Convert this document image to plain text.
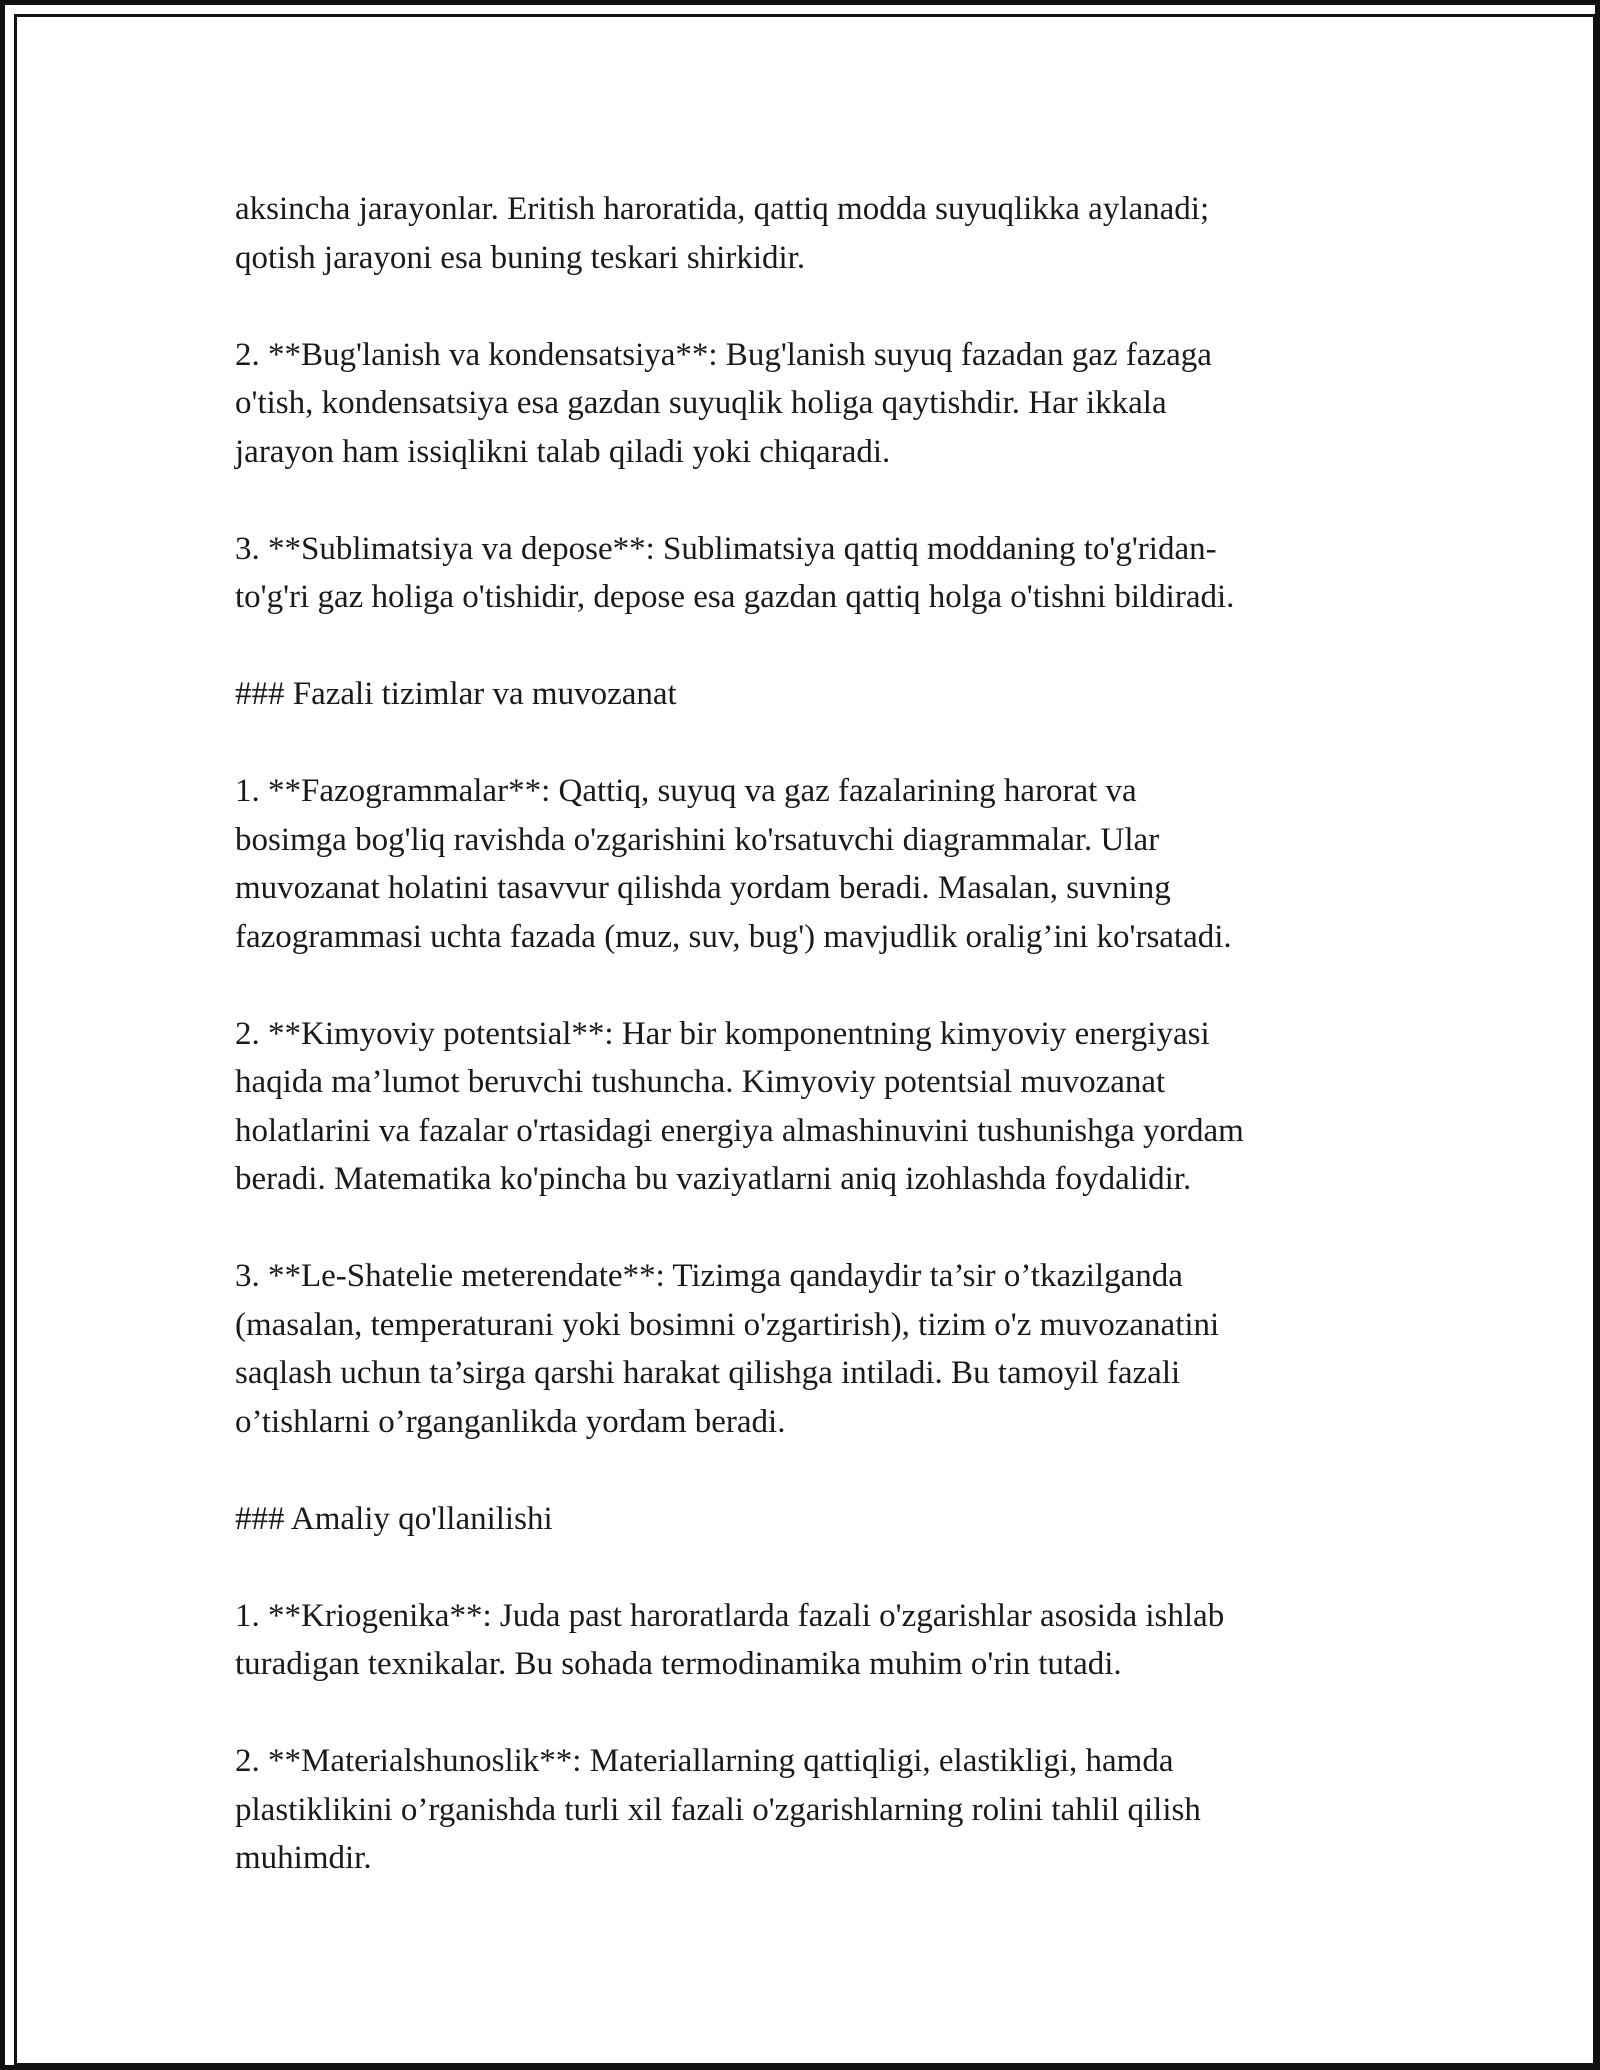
aksincha jarayonlar. Eritish haroratida, qattiq modda suyuqlikka aylanadi;
qotish jarayoni esa buning teskari shirkidir.

2. **Bug'lanish va kondensatsiya**: Bug'lanish suyuq fazadan gaz fazaga
o'tish, kondensatsiya esa gazdan suyuqlik holiga qaytishdir. Har ikkala
jarayon ham issiqlikni talab qiladi yoki chiqaradi.

3. **Sublimatsiya va depose**: Sublimatsiya qattiq moddaning to'g'ridan-
to'g'ri gaz holiga o'tishidir, depose esa gazdan qattiq holga o'tishni bildiradi.

### Fazali tizimlar va muvozanat

1. **Fazogrammalar**: Qattiq, suyuq va gaz fazalarining harorat va
bosimga bog'liq ravishda o'zgarishini ko'rsatuvchi diagrammalar. Ular
muvozanat holatini tasavvur qilishda yordam beradi. Masalan, suvning
fazogrammasi uchta fazada (muz, suv, bug') mavjudlik oralig’ini ko'rsatadi.

2. **Kimyoviy potentsial**: Har bir komponentning kimyoviy energiyasi
haqida ma’lumot beruvchi tushuncha. Kimyoviy potentsial muvozanat
holatlarini va fazalar o'rtasidagi energiya almashinuvini tushunishga yordam
beradi. Matematika ko'pincha bu vaziyatlarni aniq izohlashda foydalidir.

3. **Le-Shatelie meterendate**: Tizimga qandaydir ta’sir o’tkazilganda
(masalan, temperaturani yoki bosimni o'zgartirish), tizim o'z muvozanatini
saqlash uchun ta’sirga qarshi harakat qilishga intiladi. Bu tamoyil fazali
o’tishlarni o’rganganlikda yordam beradi.

### Amaliy qo'llanilishi

1. **Kriogenika**: Juda past haroratlarda fazali o'zgarishlar asosida ishlab
turadigan texnikalar. Bu sohada termodinamika muhim o'rin tutadi.

2. **Materialshunoslik**: Materiallarning qattiqligi, elastikligi, hamda
plastiklikini o’rganishda turli xil fazali o'zgarishlarning rolini tahlil qilish
muhimdir.
